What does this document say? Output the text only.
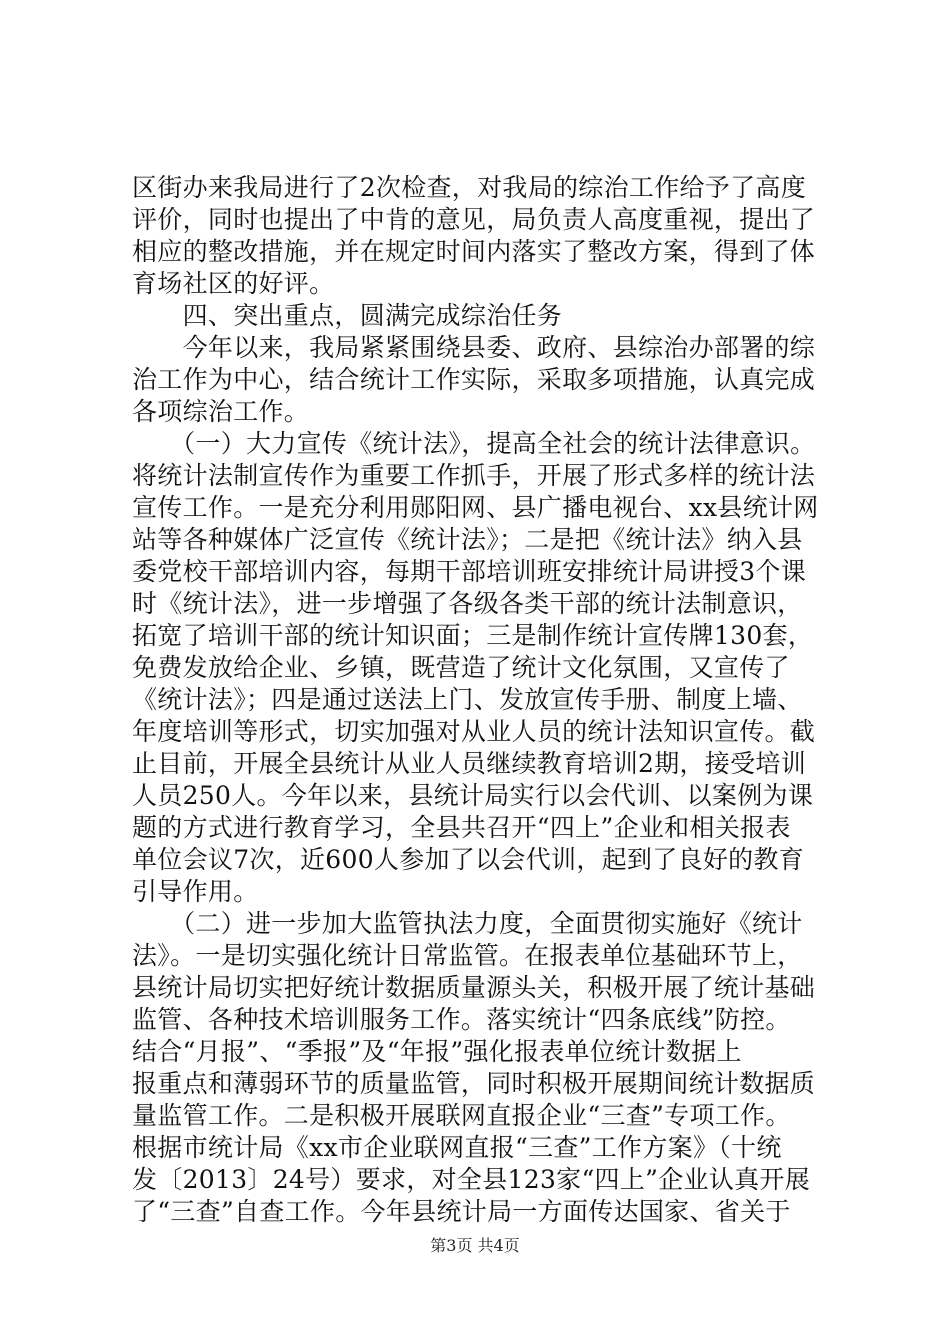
区街办来我局进行了2次检查，对我局的综治工作给予了高度
评价，同时也提出了中肯的意见，局负责人高度重视，提出了
相应的整改措施，并在规定时间内落实了整改方案，得到了体
育场社区的好评。
　　四、突出重点，圆满完成综治任务
　　今年以来，我局紧紧围绕县委、政府、县综治办部署的综
治工作为中心，结合统计工作实际，采取多项措施，认真完成
各项综治工作。
　　（一）大力宣传《统计法》，提高全社会的统计法律意识。
将统计法制宣传作为重要工作抓手，开展了形式多样的统计法
宣传工作。一是充分利用郧阳网、县广播电视台、xx县统计网
站等各种媒体广泛宣传《统计法》；二是把《统计法》纳入县
委党校干部培训内容，每期干部培训班安排统计局讲授3个课
时《统计法》，进一步增强了各级各类干部的统计法制意识，
拓宽了培训干部的统计知识面；三是制作统计宣传牌130套，
免费发放给企业、乡镇，既营造了统计文化氛围，又宣传了
《统计法》；四是通过送法上门、发放宣传手册、制度上墙、
年度培训等形式，切实加强对从业人员的统计法知识宣传。截
止目前，开展全县统计从业人员继续教育培训2期，接受培训
人员250人。今年以来，县统计局实行以会代训、以案例为课
题的方式进行教育学习，全县共召开“四上”企业和相关报表
单位会议7次，近600人参加了以会代训，起到了良好的教育
引导作用。
　　（二）进一步加大监管执法力度，全面贯彻实施好《统计
法》。一是切实强化统计日常监管。在报表单位基础环节上，
县统计局切实把好统计数据质量源头关，积极开展了统计基础
监管、各种技术培训服务工作。落实统计“四条底线”防控。
结合“月报”、“季报”及“年报”强化报表单位统计数据上
报重点和薄弱环节的质量监管，同时积极开展期间统计数据质
量监管工作。二是积极开展联网直报企业“三查”专项工作。
根据市统计局《xx市企业联网直报“三查”工作方案》（十统
发〔2013〕24号）要求，对全县123家“四上”企业认真开展
了“三查”自查工作。今年县统计局一方面传达国家、省关于
第3页 共4页
